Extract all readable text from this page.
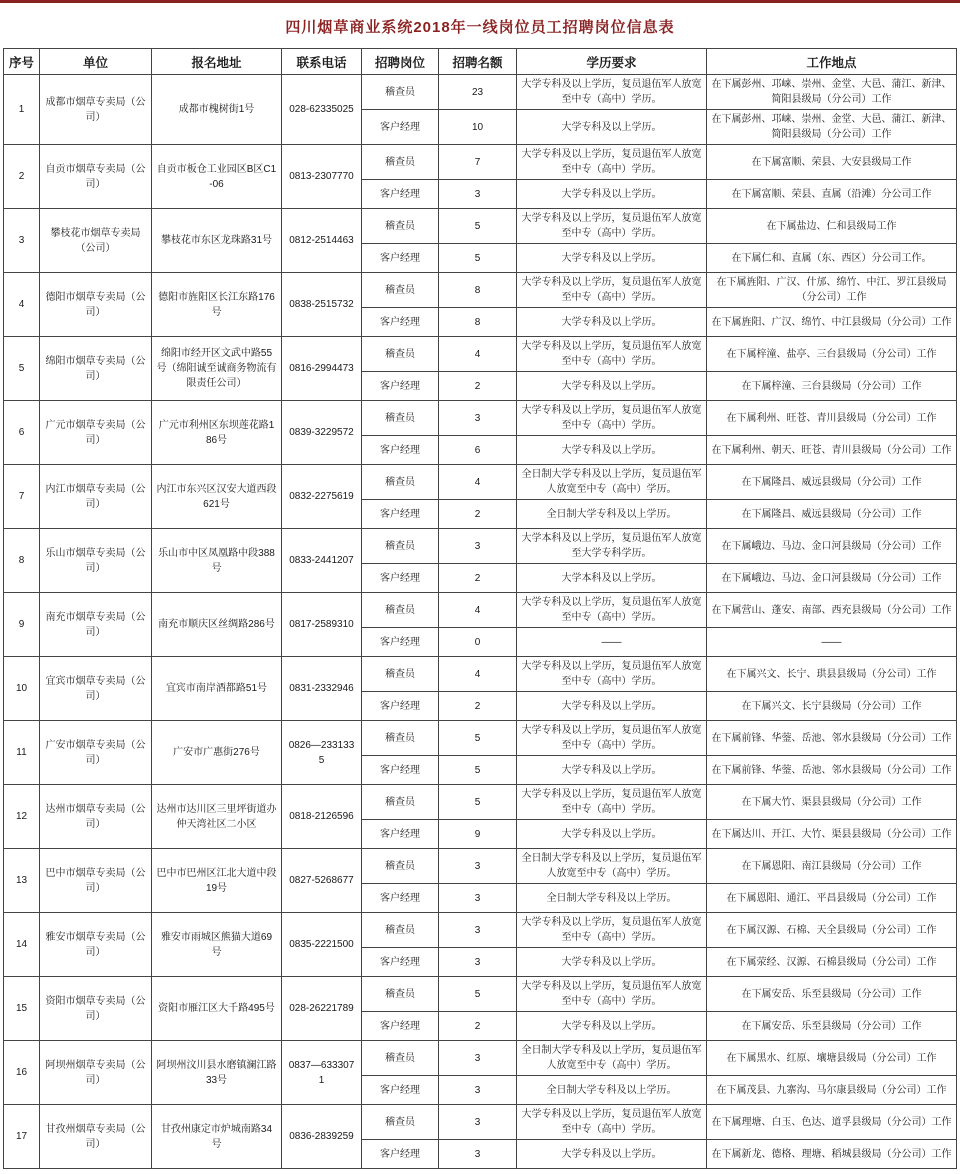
四川烟草商业系统2018年一线岗位员工招聘岗位信息表
序号	单位	报名地址	联系电话	招聘岗位	招聘名额	学历要求	工作地点
1	成都市烟草专卖局（公司）	成都市槐树街1号	028-62335025	稽查员	23	大学专科及以上学历，复员退伍军人放宽至中专（高中）学历。	在下属彭州、邛崃、崇州、金堂、大邑、蒲江、新津、简阳县级局（分公司）工作
				客户经理	10	大学专科及以上学历。	在下属彭州、邛崃、崇州、金堂、大邑、蒲江、新津、简阳县级局（分公司）工作
2	自贡市烟草专卖局（公司）	自贡市板仓工业园区B区C1-06	0813-2307770	稽查员	7	大学专科及以上学历，复员退伍军人放宽至中专（高中）学历。	在下属富顺、荣县、大安县级局工作
				客户经理	3	大学专科及以上学历。	在下属富顺、荣县、直属（沿滩）分公司工作
3	攀枝花市烟草专卖局（公司）	攀枝花市东区龙珠路31号	0812-2514463	稽查员	5	大学专科及以上学历，复员退伍军人放宽至中专（高中）学历。	在下属盐边、仁和县级局工作
				客户经理	5	大学专科及以上学历。	在下属仁和、直属（东、西区）分公司工作。
4	德阳市烟草专卖局（公司）	德阳市旌阳区长江东路176号	0838-2515732	稽查员	8	大学专科及以上学历，复员退伍军人放宽至中专（高中）学历。	在下属旌阳、广汉、什邡、绵竹、中江、罗江县级局（分公司）工作
				客户经理	8	大学专科及以上学历。	在下属旌阳、广汉、绵竹、中江县级局（分公司）工作
5	绵阳市烟草专卖局（公司）	绵阳市经开区文武中路55号（绵阳诚至诚商务物流有限责任公司）	0816-2994473	稽查员	4	大学专科及以上学历，复员退伍军人放宽至中专（高中）学历。	在下属梓潼、盐亭、三台县级局（分公司）工作
				客户经理	2	大学专科及以上学历。	在下属梓潼、三台县级局（分公司）工作
6	广元市烟草专卖局（公司）	广元市利州区东坝莲花路186号	0839-3229572	稽查员	3	大学专科及以上学历，复员退伍军人放宽至中专（高中）学历。	在下属利州、旺苍、青川县级局（分公司）工作
				客户经理	6	大学专科及以上学历。	在下属利州、朝天、旺苍、青川县级局（分公司）工作
7	内江市烟草专卖局（公司）	内江市东兴区汉安大道西段621号	0832-2275619	稽查员	4	全日制大学专科及以上学历，复员退伍军人放宽至中专（高中）学历。	在下属隆昌、威远县级局（分公司）工作
				客户经理	2	全日制大学专科及以上学历。	在下属隆昌、威远县级局（分公司）工作
8	乐山市烟草专卖局（公司）	乐山市中区凤凰路中段388号	0833-2441207	稽查员	3	大学本科及以上学历，复员退伍军人放宽至大学专科学历。	在下属峨边、马边、金口河县级局（分公司）工作
				客户经理	2	大学本科及以上学历。	在下属峨边、马边、金口河县级局（分公司）工作
9	南充市烟草专卖局（公司）	南充市顺庆区丝绸路286号	0817-2589310	稽查员	4	大学专科及以上学历，复员退伍军人放宽至中专（高中）学历。	在下属营山、蓬安、南部、西充县级局（分公司）工作
				客户经理	0	——	——
10	宜宾市烟草专卖局（公司）	宜宾市南岸酒都路51号	0831-2332946	稽查员	4	大学专科及以上学历，复员退伍军人放宽至中专（高中）学历。	在下属兴文、长宁、珙县县级局（分公司）工作
				客户经理	2	大学专科及以上学历。	在下属兴文、长宁县级局（分公司）工作
11	广安市烟草专卖局（公司）	广安市广惠街276号	0826—2331335	稽查员	5	大学专科及以上学历，复员退伍军人放宽至中专（高中）学历。	在下属前锋、华蓥、岳池、邻水县级局（分公司）工作
				客户经理	5	大学专科及以上学历。	在下属前锋、华蓥、岳池、邻水县级局（分公司）工作
12	达州市烟草专卖局（公司）	达州市达川区三里坪街道办仲天湾社区二小区	0818-2126596	稽查员	5	大学专科及以上学历，复员退伍军人放宽至中专（高中）学历。	在下属大竹、渠县县级局（分公司）工作
				客户经理	9	大学专科及以上学历。	在下属达川、开江、大竹、渠县县级局（分公司）工作
13	巴中市烟草专卖局（公司）	巴中市巴州区江北大道中段19号	0827-5268677	稽查员	3	全日制大学专科及以上学历，复员退伍军人放宽至中专（高中）学历。	在下属恩阳、南江县级局（分公司）工作
				客户经理	3	全日制大学专科及以上学历。	在下属恩阳、通江、平昌县级局（分公司）工作
14	雅安市烟草专卖局（公司）	雅安市雨城区熊猫大道69号	0835-2221500	稽查员	3	大学专科及以上学历，复员退伍军人放宽至中专（高中）学历。	在下属汉源、石棉、天全县级局（分公司）工作
				客户经理	3	大学专科及以上学历。	在下属荥经、汉源、石棉县级局（分公司）工作
15	资阳市烟草专卖局（公司）	资阳市雁江区大千路495号	028-26221789	稽查员	5	大学专科及以上学历，复员退伍军人放宽至中专（高中）学历。	在下属安岳、乐至县级局（分公司）工作
				客户经理	2	大学专科及以上学历。	在下属安岳、乐至县级局（分公司）工作
16	阿坝州烟草专卖局（公司）	阿坝州汶川县水磨镇澜江路33号	0837—6333071	稽查员	3	全日制大学专科及以上学历，复员退伍军人放宽至中专（高中）学历。	在下属黑水、红原、壤塘县级局（分公司）工作
				客户经理	3	全日制大学专科及以上学历。	在下属茂县、九寨沟、马尔康县级局（分公司）工作
17	甘孜州烟草专卖局（公司）	甘孜州康定市炉城南路34号	0836-2839259	稽查员	3	大学专科及以上学历，复员退伍军人放宽至中专（高中）学历。	在下属理塘、白玉、色达、道孚县级局（分公司）工作
				客户经理	3	大学专科及以上学历。	在下属新龙、德格、理塘、稻城县级局（分公司）工作
